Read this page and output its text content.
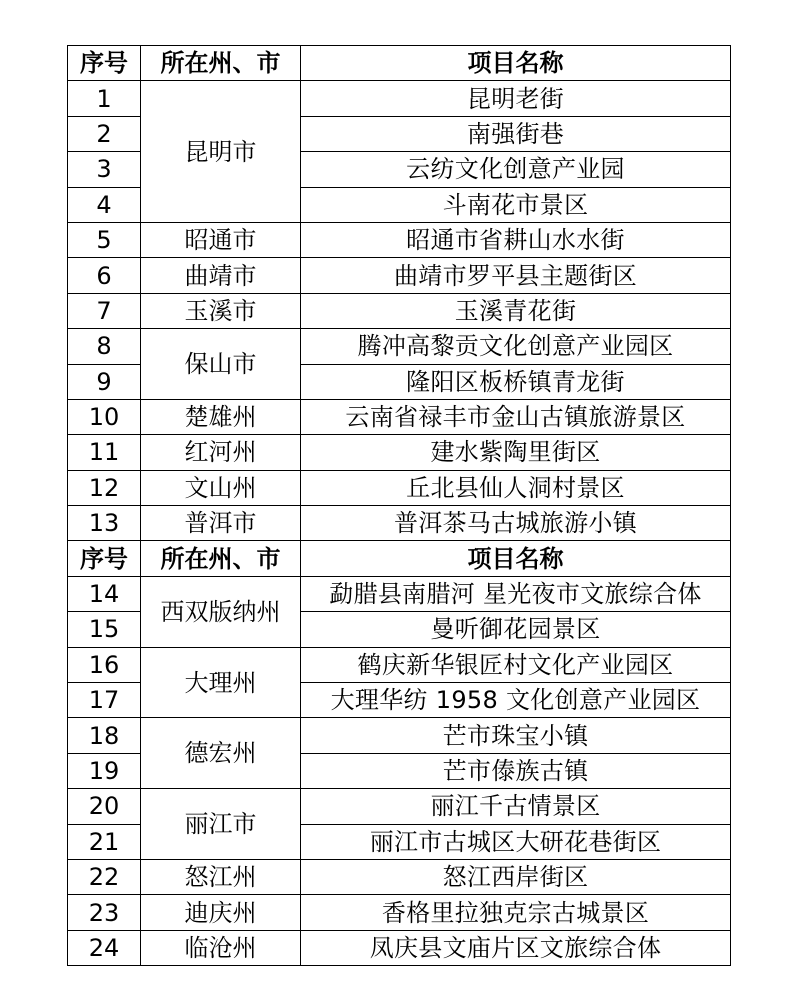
序号	所在州、市	项目名称
1	昆明市	昆明老街
2		南强街巷
3		云纺文化创意产业园
4		斗南花市景区
5	昭通市	昭通市省耕山水水街
6	曲靖市	曲靖市罗平县主题街区
7	玉溪市	玉溪青花街
8	保山市	腾冲高黎贡文化创意产业园区
9		隆阳区板桥镇青龙街
10	楚雄州	云南省禄丰市金山古镇旅游景区
11	红河州	建水紫陶里街区
12	文山州	丘北县仙人洞村景区
13	普洱市	普洱茶马古城旅游小镇
序号	所在州、市	项目名称
14	西双版纳州	勐腊县南腊河 星光夜市文旅综合体
15		曼听御花园景区
16	大理州	鹤庆新华银匠村文化产业园区
17		大理华纺 1958 文化创意产业园区
18	德宏州	芒市珠宝小镇
19		芒市傣族古镇
20	丽江市	丽江千古情景区
21		丽江市古城区大研花巷街区
22	怒江州	怒江西岸街区
23	迪庆州	香格里拉独克宗古城景区
24	临沧州	凤庆县文庙片区文旅综合体
